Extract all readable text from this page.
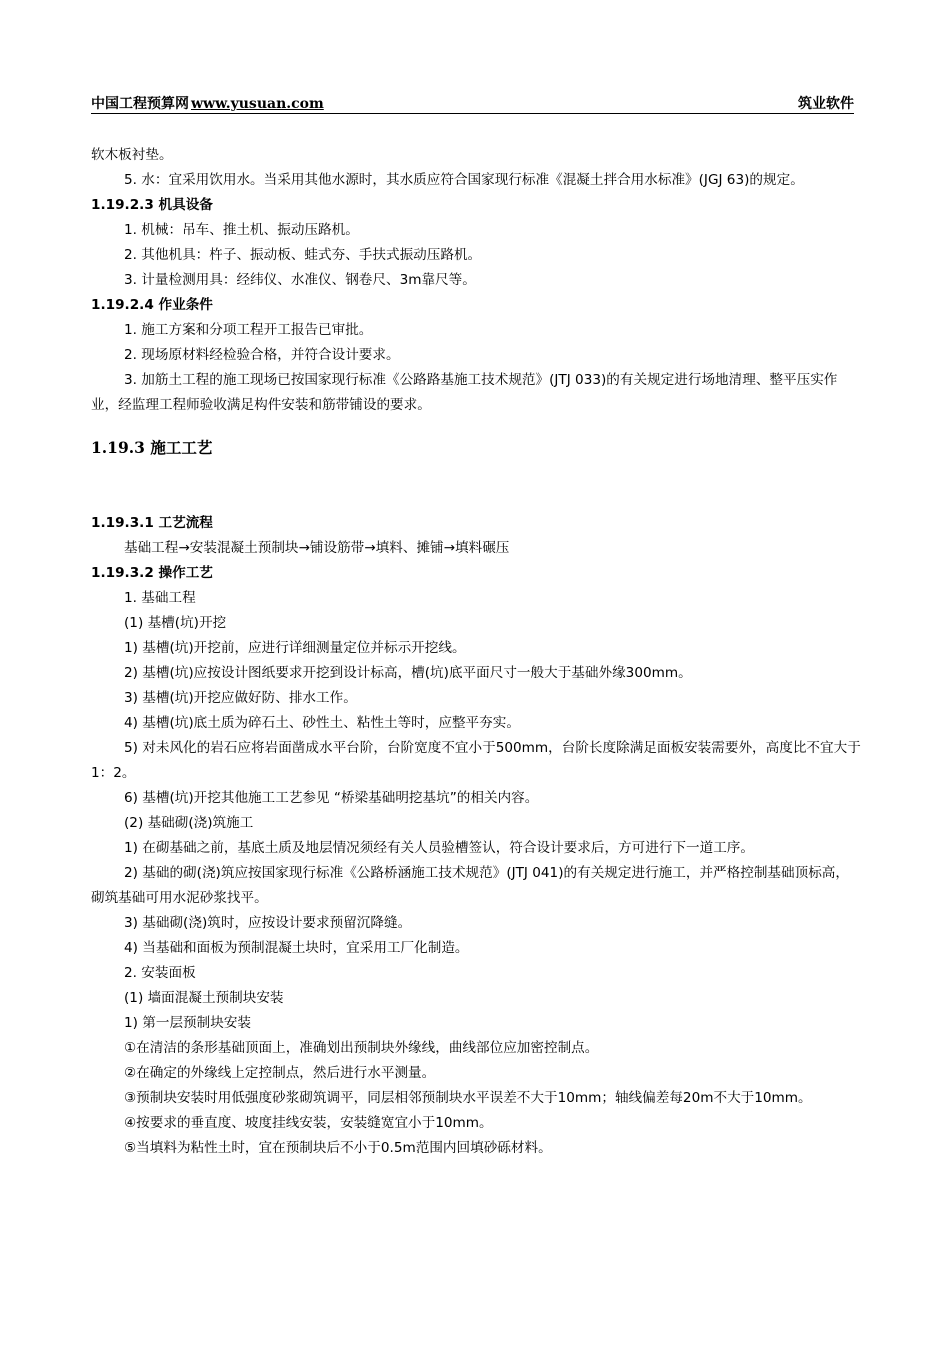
中国工程预算网 www.yusuan.com	筑业软件

软木板衬垫。

5. 水：宜采用饮用水。当采用其他水源时，其水质应符合国家现行标准《混凝土拌合用水标准》(JGJ 63)的规定。

1.19.2.3 机具设备

1. 机械：吊车、推土机、振动压路机。

2. 其他机具：杵子、振动板、蛙式夯、手扶式振动压路机。

3. 计量检测用具：经纬仪、水准仪、钢卷尺、3m靠尺等。

1.19.2.4 作业条件

1. 施工方案和分项工程开工报告已审批。

2. 现场原材料经检验合格，并符合设计要求。

3. 加筋土工程的施工现场已按国家现行标准《公路路基施工技术规范》(JTJ 033)的有关规定进行场地清理、整平压实作业，经监理工程师验收满足构件安装和筋带铺设的要求。

1.19.3 施工工艺

1.19.3.1 工艺流程

基础工程→安装混凝土预制块→铺设筋带→填料、摊铺→填料碾压

1.19.3.2 操作工艺

1. 基础工程

(1) 基槽(坑)开挖

1) 基槽(坑)开挖前，应进行详细测量定位并标示开挖线。

2) 基槽(坑)应按设计图纸要求开挖到设计标高，槽(坑)底平面尺寸一般大于基础外缘300mm。

3) 基槽(坑)开挖应做好防、排水工作。

4) 基槽(坑)底土质为碎石土、砂性土、粘性土等时，应整平夯实。

5) 对未风化的岩石应将岩面凿成水平台阶，台阶宽度不宜小于500mm，台阶长度除满足面板安装需要外，高度比不宜大于1：2。

6) 基槽(坑)开挖其他施工工艺参见 “桥梁基础明挖基坑”的相关内容。

(2) 基础砌(浇)筑施工

1) 在砌基础之前，基底土质及地层情况须经有关人员验槽签认，符合设计要求后，方可进行下一道工序。

2) 基础的砌(浇)筑应按国家现行标准《公路桥涵施工技术规范》(JTJ 041)的有关规定进行施工，并严格控制基础顶标高，砌筑基础可用水泥砂浆找平。

3) 基础砌(浇)筑时，应按设计要求预留沉降缝。

4) 当基础和面板为预制混凝土块时，宜采用工厂化制造。

2. 安装面板

(1) 墙面混凝土预制块安装

1) 第一层预制块安装

①在清洁的条形基础顶面上，准确划出预制块外缘线，曲线部位应加密控制点。

②在确定的外缘线上定控制点，然后进行水平测量。

③预制块安装时用低强度砂浆砌筑调平，同层相邻预制块水平误差不大于10mm；轴线偏差每20m不大于10mm。

④按要求的垂直度、坡度挂线安装，安装缝宽宜小于10mm。

⑤当填料为粘性土时，宜在预制块后不小于0.5m范围内回填砂砾材料。
